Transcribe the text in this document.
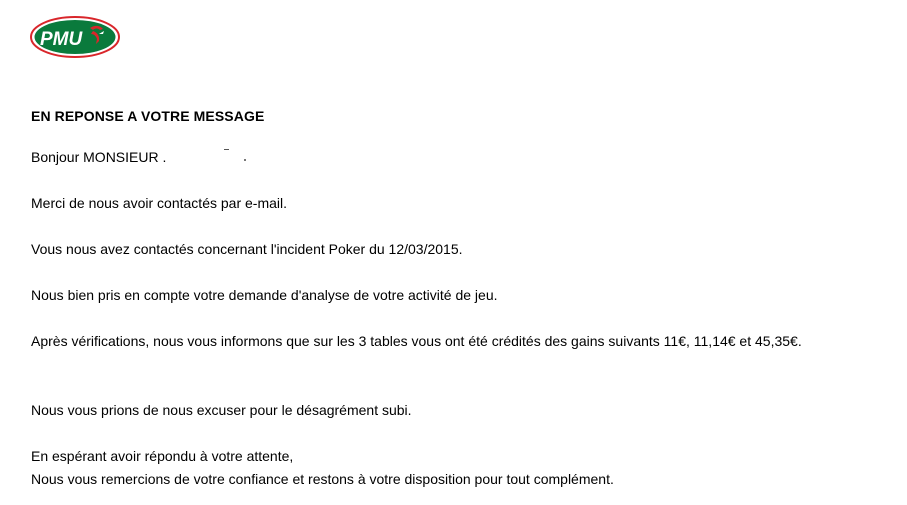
PMU
EN REPONSE A VOTRE MESSAGE
Bonjour MONSIEUR .
Merci de nous avoir contactés par e-mail.
Vous nous avez contactés concernant l'incident Poker du 12/03/2015.
Nous bien pris en compte votre demande d'analyse de votre activité de jeu.
Après vérifications, nous vous informons que sur les 3 tables vous ont été crédités des gains suivants 11€, 11,14€ et 45,35€.
Nous vous prions de nous excuser pour le désagrément subi.
En espérant avoir répondu à votre attente,
Nous vous remercions de votre confiance et restons à votre disposition pour tout complément.
